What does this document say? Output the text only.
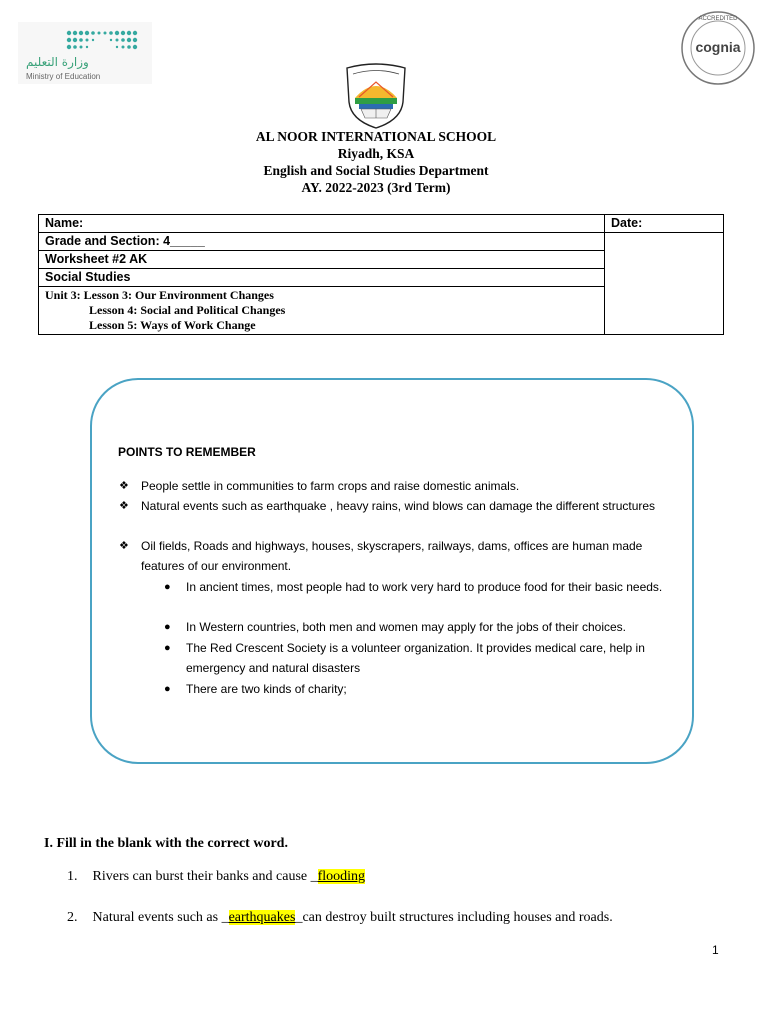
وزارة التعليم
Ministry of Education
ACCREDITED
cognia
AL NOOR INTERNATIONAL SCHOOL
Riyadh, KSA
English and Social Studies Department
AY. 2022-2023 (3rd Term)
Name:	Date:
Grade and Section: 4_____	
Worksheet #2 AK	
Social Studies	

Unit 3: Lesson 3: Our Environment Changes
Lesson 4: Social and Political Changes
Lesson 5: Ways of Work Change	
POINTS TO REMEMBER
❖ People settle in communities to farm crops and raise domestic animals.
❖ Natural events such as earthquake , heavy rains, wind blows can damage the different structures
❖ Oil fields, Roads and highways, houses, skyscrapers, railways, dams, offices are human made features of our environment.
● In ancient times, most people had to work very hard to produce food for their basic needs.
● In Western countries, both men and women may apply for the jobs of their choices.
● The Red Crescent Society is a volunteer organization. It provides medical care, help in emergency and natural disasters
● There are two kinds of charity;
I. Fill in the blank with the correct word.
1. Rivers can burst their banks and cause _flooding
2. Natural events such as _earthquakes_can destroy built structures including houses and roads.
1
